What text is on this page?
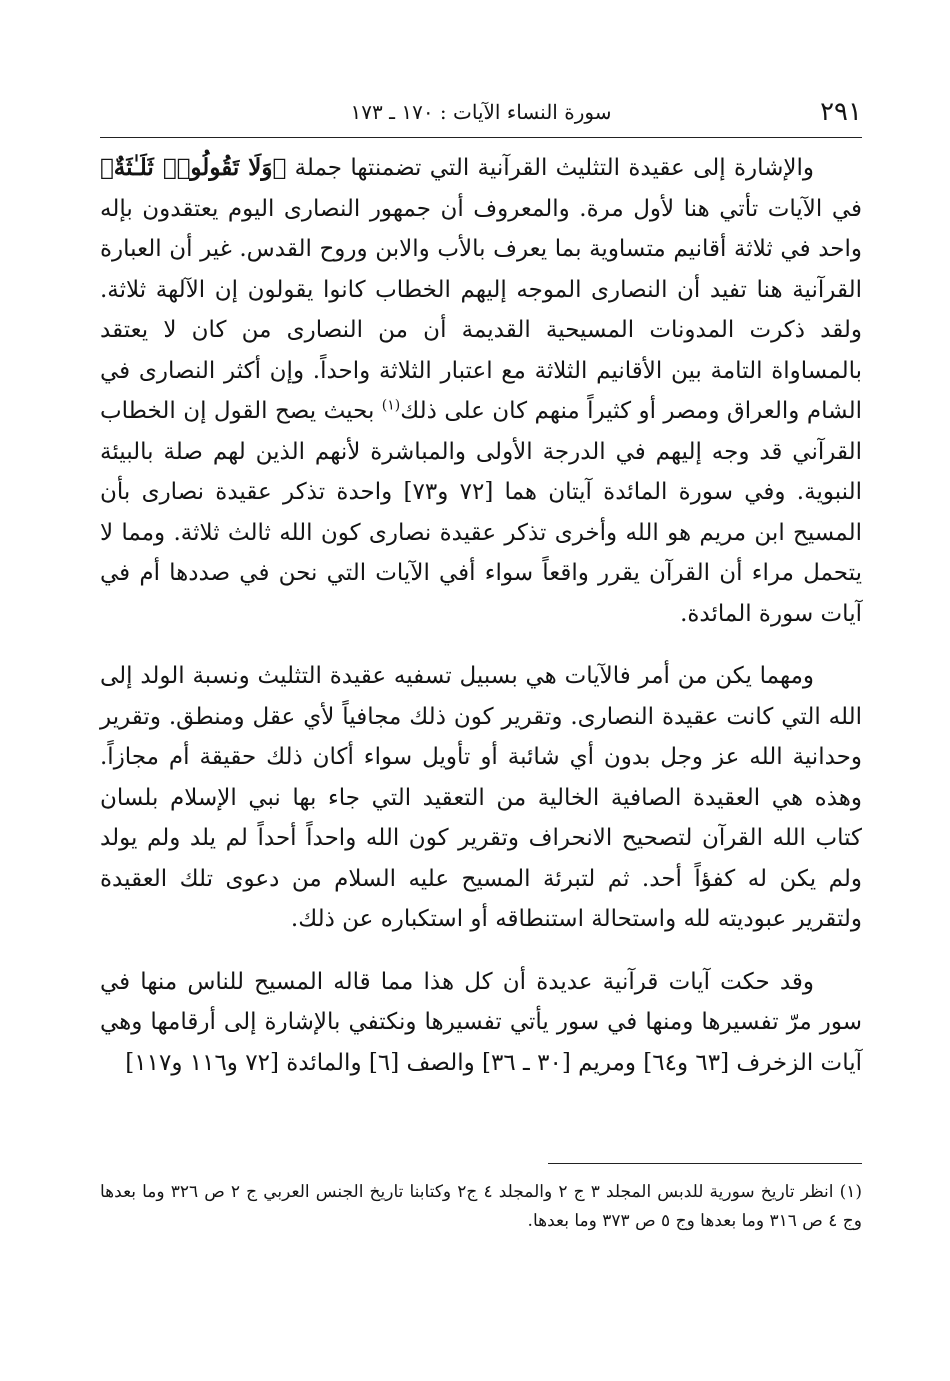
٢٩١
سورة النساء الآيات : ١٧٠ ـ ١٧٣

والإشارة إلى عقيدة التثليث القرآنية التي تضمنتها جملة ﴿وَلَا تَقُولُوا۟ ثَلَـٰثَةٌ﴾ في الآيات تأتي هنا لأول مرة. والمعروف أن جمهور النصارى اليوم يعتقدون بإله واحد في ثلاثة أقانيم متساوية بما يعرف بالأب والابن وروح القدس. غير أن العبارة القرآنية هنا تفيد أن النصارى الموجه إليهم الخطاب كانوا يقولون إن الآلهة ثلاثة. ولقد ذكرت المدونات المسيحية القديمة أن من النصارى من كان لا يعتقد بالمساواة التامة بين الأقانيم الثلاثة مع اعتبار الثلاثة واحداً. وإن أكثر النصارى في الشام والعراق ومصر أو كثيراً منهم كان على ذلك$^{(١)}$ بحيث يصح القول إن الخطاب القرآني قد وجه إليهم في الدرجة الأولى والمباشرة لأنهم الذين لهم صلة بالبيئة النبوية. وفي سورة المائدة آيتان هما [٧٢ و٧٣] واحدة تذكر عقيدة نصارى بأن المسيح ابن مريم هو الله وأخرى تذكر عقيدة نصارى كون الله ثالث ثلاثة. ومما لا يتحمل مراء أن القرآن يقرر واقعاً سواء أفي الآيات التي نحن في صددها أم في آيات سورة المائدة.

ومهما يكن من أمر فالآيات هي بسبيل تسفيه عقيدة التثليث ونسبة الولد إلى الله التي كانت عقيدة النصارى. وتقرير كون ذلك مجافياً لأي عقل ومنطق. وتقرير وحدانية الله عز وجل بدون أي شائبة أو تأويل سواء أكان ذلك حقيقة أم مجازاً. وهذه هي العقيدة الصافية الخالية من التعقيد التي جاء بها نبي الإسلام بلسان كتاب الله القرآن لتصحيح الانحراف وتقرير كون الله واحداً أحداً لم يلد ولم يولد ولم يكن له كفؤاً أحد. ثم لتبرئة المسيح عليه السلام من دعوى تلك العقيدة ولتقرير عبوديته لله واستحالة استنطاقه أو استكباره عن ذلك.

وقد حكت آيات قرآنية عديدة أن كل هذا مما قاله المسيح للناس منها في سور مرّ تفسيرها ومنها في سور يأتي تفسيرها ونكتفي بالإشارة إلى أرقامها وهي آيات الزخرف [٦٣ و٦٤] ومريم [٣٠ ـ ٣٦] والصف [٦] والمائدة [٧٢ و١١٦ و١١٧]

(١) انظر تاريخ سورية للدبس المجلد ٣ ج ٢ والمجلد ٤ ج٢ وكتابنا تاريخ الجنس العربي ج ٢ ص ٣٢٦ وما بعدها وج ٤ ص ٣١٦ وما بعدها وج ٥ ص ٣٧٣ وما بعدها.
